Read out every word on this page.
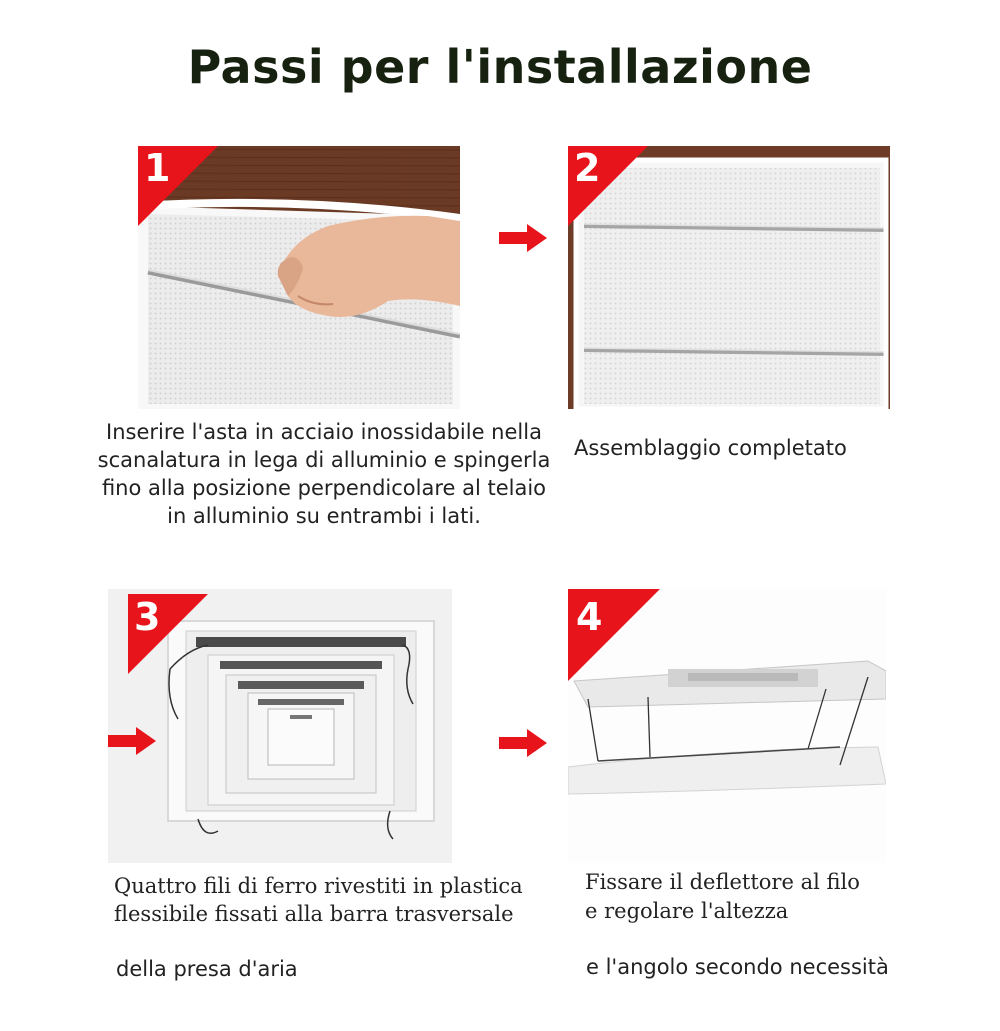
Passi per l'installazione
1	2
Inserire l'asta in acciaio inossidabile nella scanalatura in lega di alluminio e spingerla fino alla posizione perpendicolare al telaio in alluminio su entrambi i lati.
Assemblaggio completato
3	4
Quattro fili di ferro rivestiti in plastica
flessibile fissati alla barra trasversale
della presa d'aria
Fissare il deflettore al filo
e regolare l'altezza
e l'angolo secondo necessità
